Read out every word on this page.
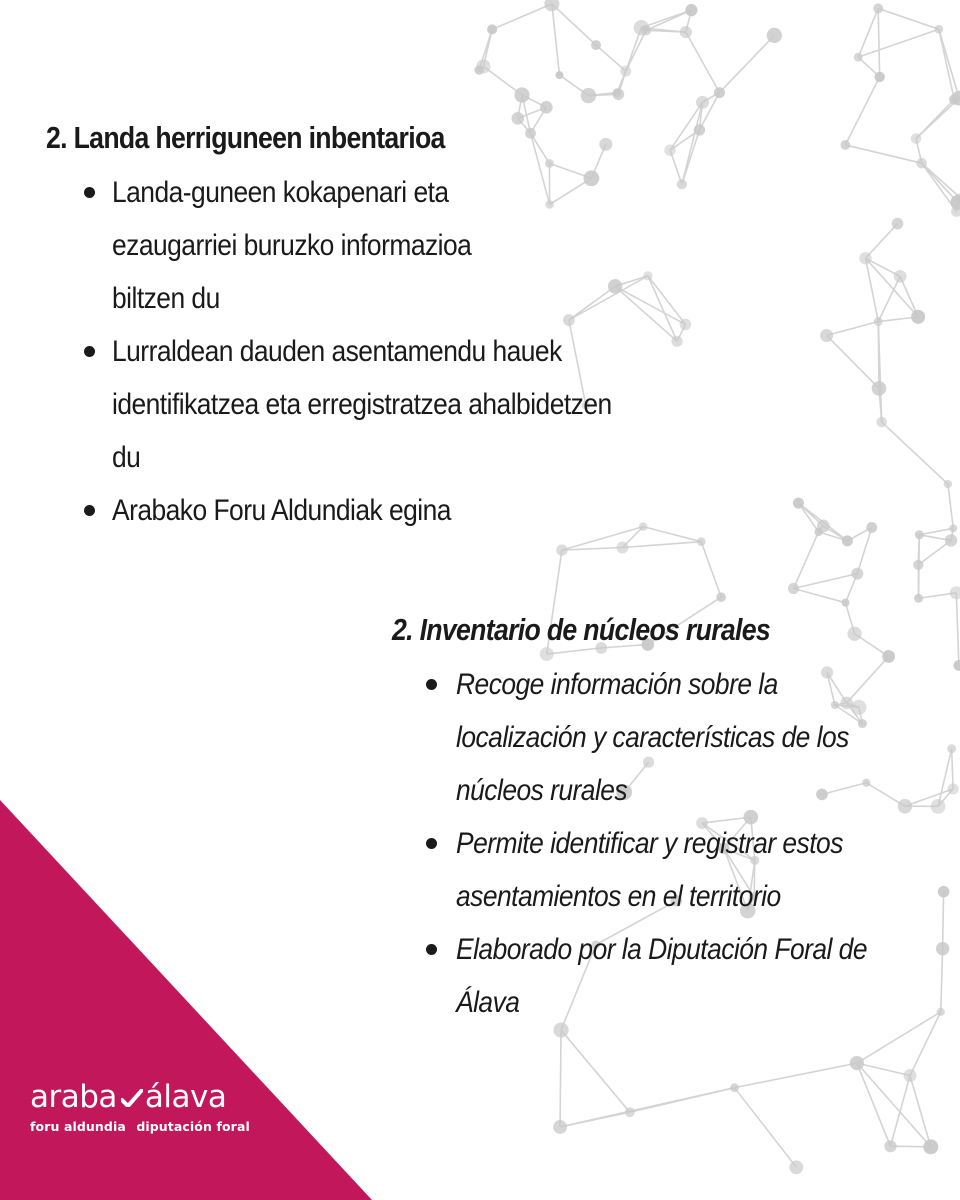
2. Landa herriguneen inbentarioa
Landa-guneen kokapenari eta ezaugarriei buruzko informazioa biltzen du
Lurraldean dauden asentamendu hauek identifikatzea eta erregistratzea ahalbidetzen du
Arabako Foru Aldundiak egina
2. Inventario de núcleos rurales
Recoge información sobre la localización y características de los núcleos rurales
Permite identificar y registrar estos asentamientos en el territorio
Elaborado por la Diputación Foral de Álava
araba álava
foru aldundia diputación foral
